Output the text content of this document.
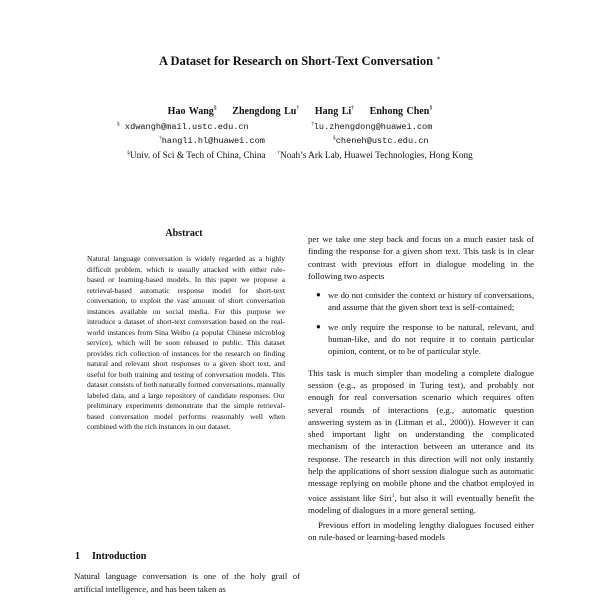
A Dataset for Research on Short-Text Conversation ∗
Hao Wang§ Zhengdong Lu† Hang Li† Enhong Chen§
§ xdwangh@mail.ustc.edu.cn	†lu.zhengdong@huawei.com
†hangli.hl@huawei.com	§cheneh@ustc.edu.cn
§Univ. of Sci & Tech of China, China †Noah’s Ark Lab, Huawei Technologies, Hong Kong
Abstract
Natural language conversation is widely regarded as a highly difficult problem, which is usually attacked with either rule-based or learning-based models. In this paper we propose a retrieval-based automatic response model for short-text conversation, to exploit the vast amount of short conversation instances available on social media. For this purpose we introduce a dataset of short-text conversation based on the real-world instances from Sina Weibo (a popular Chinese microblog service), which will be soon released to public. This dataset provides rich collection of instances for the research on finding natural and relevant short responses to a given short text, and useful for both training and testing of conversation models. This dataset consists of both naturally formed conversations, manually labeled data, and a large repository of candidate responses. Our preliminary experiments demonstrate that the simple retrieval-based conversation model performs reasonably well when combined with the rich instances in our dataset.
1 Introduction
Natural language conversation is one of the holy grail of artificial intelligence, and has been taken as

per we take one step back and focus on a much easier task of finding the response for a given short text. This task is in clear contrast with previous effort in dialogue modeling in the following two aspects

● we do not consider the context or history of conversations, and assume that the given short text is self-contained;
● we only require the response to be natural, relevant, and human-like, and do not require it to contain particular opinion, content, or to be of particular style.

This task is much simpler than modeling a complete dialogue session (e.g., as proposed in Turing test), and probably not enough for real conversation scenario which requires often several rounds of interactions (e.g., automatic question answering system as in (Litman et al., 2000)). However it can shed important light on understanding the complicated mechanism of the interaction between an utterance and its response. The research in this direction will not only instantly help the applications of short session dialogue such as automatic message replying on mobile phone and the chatbot employed in voice assistant like Siri$^1$, but also it will eventually benefit the modeling of dialogues in a more general setting.

Previous effort in modeling lengthy dialogues focused either on rule-based or learning-based models
